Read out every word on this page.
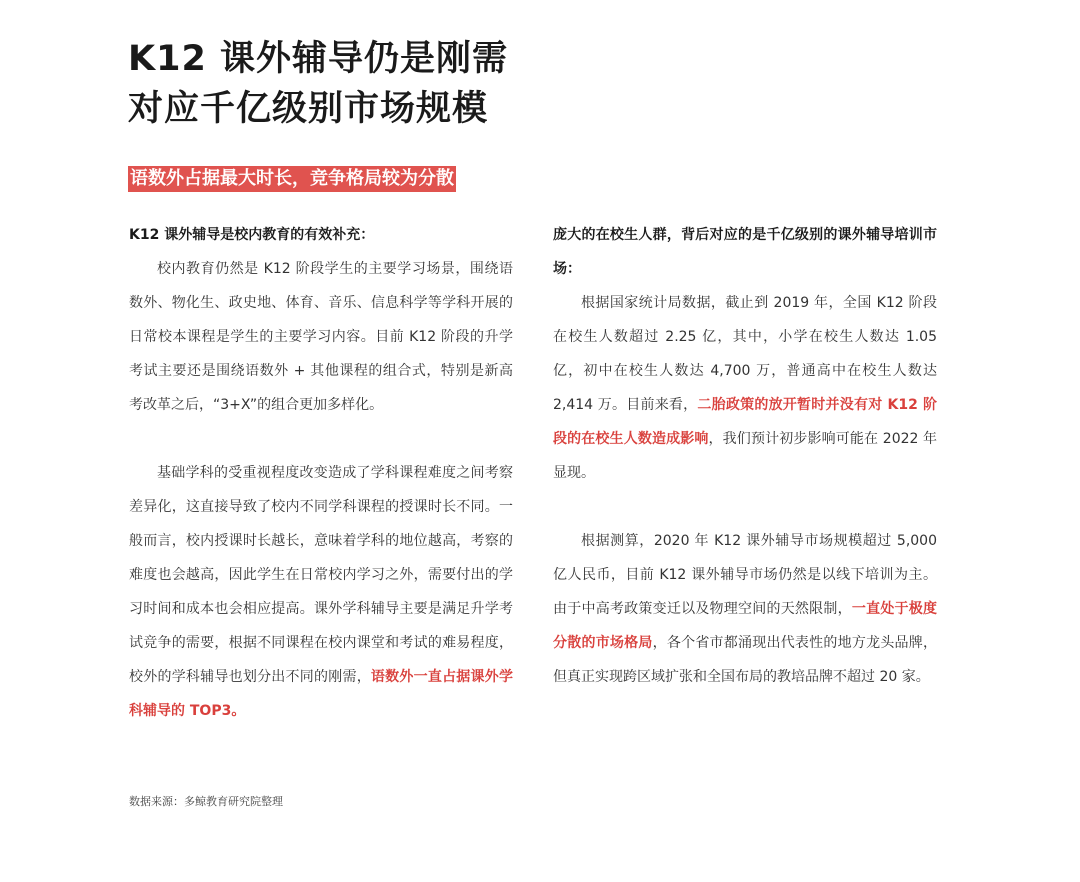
K12 课外辅导仍是刚需
对应千亿级别市场规模
语数外占据最大时长，竞争格局较为分散
K12 课外辅导是校内教育的有效补充：

校内教育仍然是 K12 阶段学生的主要学习场景，围绕语数外、物化生、政史地、体育、音乐、信息科学等学科开展的日常校本课程是学生的主要学习内容。目前 K12 阶段的升学考试主要还是围绕语数外 + 其他课程的组合式，特别是新高考改革之后，“3+X”的组合更加多样化。

基础学科的受重视程度改变造成了学科课程难度之间考察差异化，这直接导致了校内不同学科课程的授课时长不同。一般而言，校内授课时长越长，意味着学科的地位越高，考察的难度也会越高，因此学生在日常校内学习之外，需要付出的学习时间和成本也会相应提高。课外学科辅导主要是满足升学考试竞争的需要，根据不同课程在校内课堂和考试的难易程度，校外的学科辅导也划分出不同的刚需，语数外一直占据课外学科辅导的 TOP3。

庞大的在校生人群，背后对应的是千亿级别的课外辅导培训市场：

根据国家统计局数据，截止到 2019 年，全国 K12 阶段在校生人数超过 2.25 亿，其中，小学在校生人数达 1.05 亿，初中在校生人数达 4,700 万，普通高中在校生人数达 2,414 万。目前来看，二胎政策的放开暂时并没有对 K12 阶段的在校生人数造成影响，我们预计初步影响可能在 2022 年显现。

根据测算，2020 年 K12 课外辅导市场规模超过 5,000 亿人民币，目前 K12 课外辅导市场仍然是以线下培训为主。由于中高考政策变迁以及物理空间的天然限制，一直处于极度分散的市场格局，各个省市都涌现出代表性的地方龙头品牌，但真正实现跨区域扩张和全国布局的教培品牌不超过 20 家。

数据来源：多鲸教育研究院整理
